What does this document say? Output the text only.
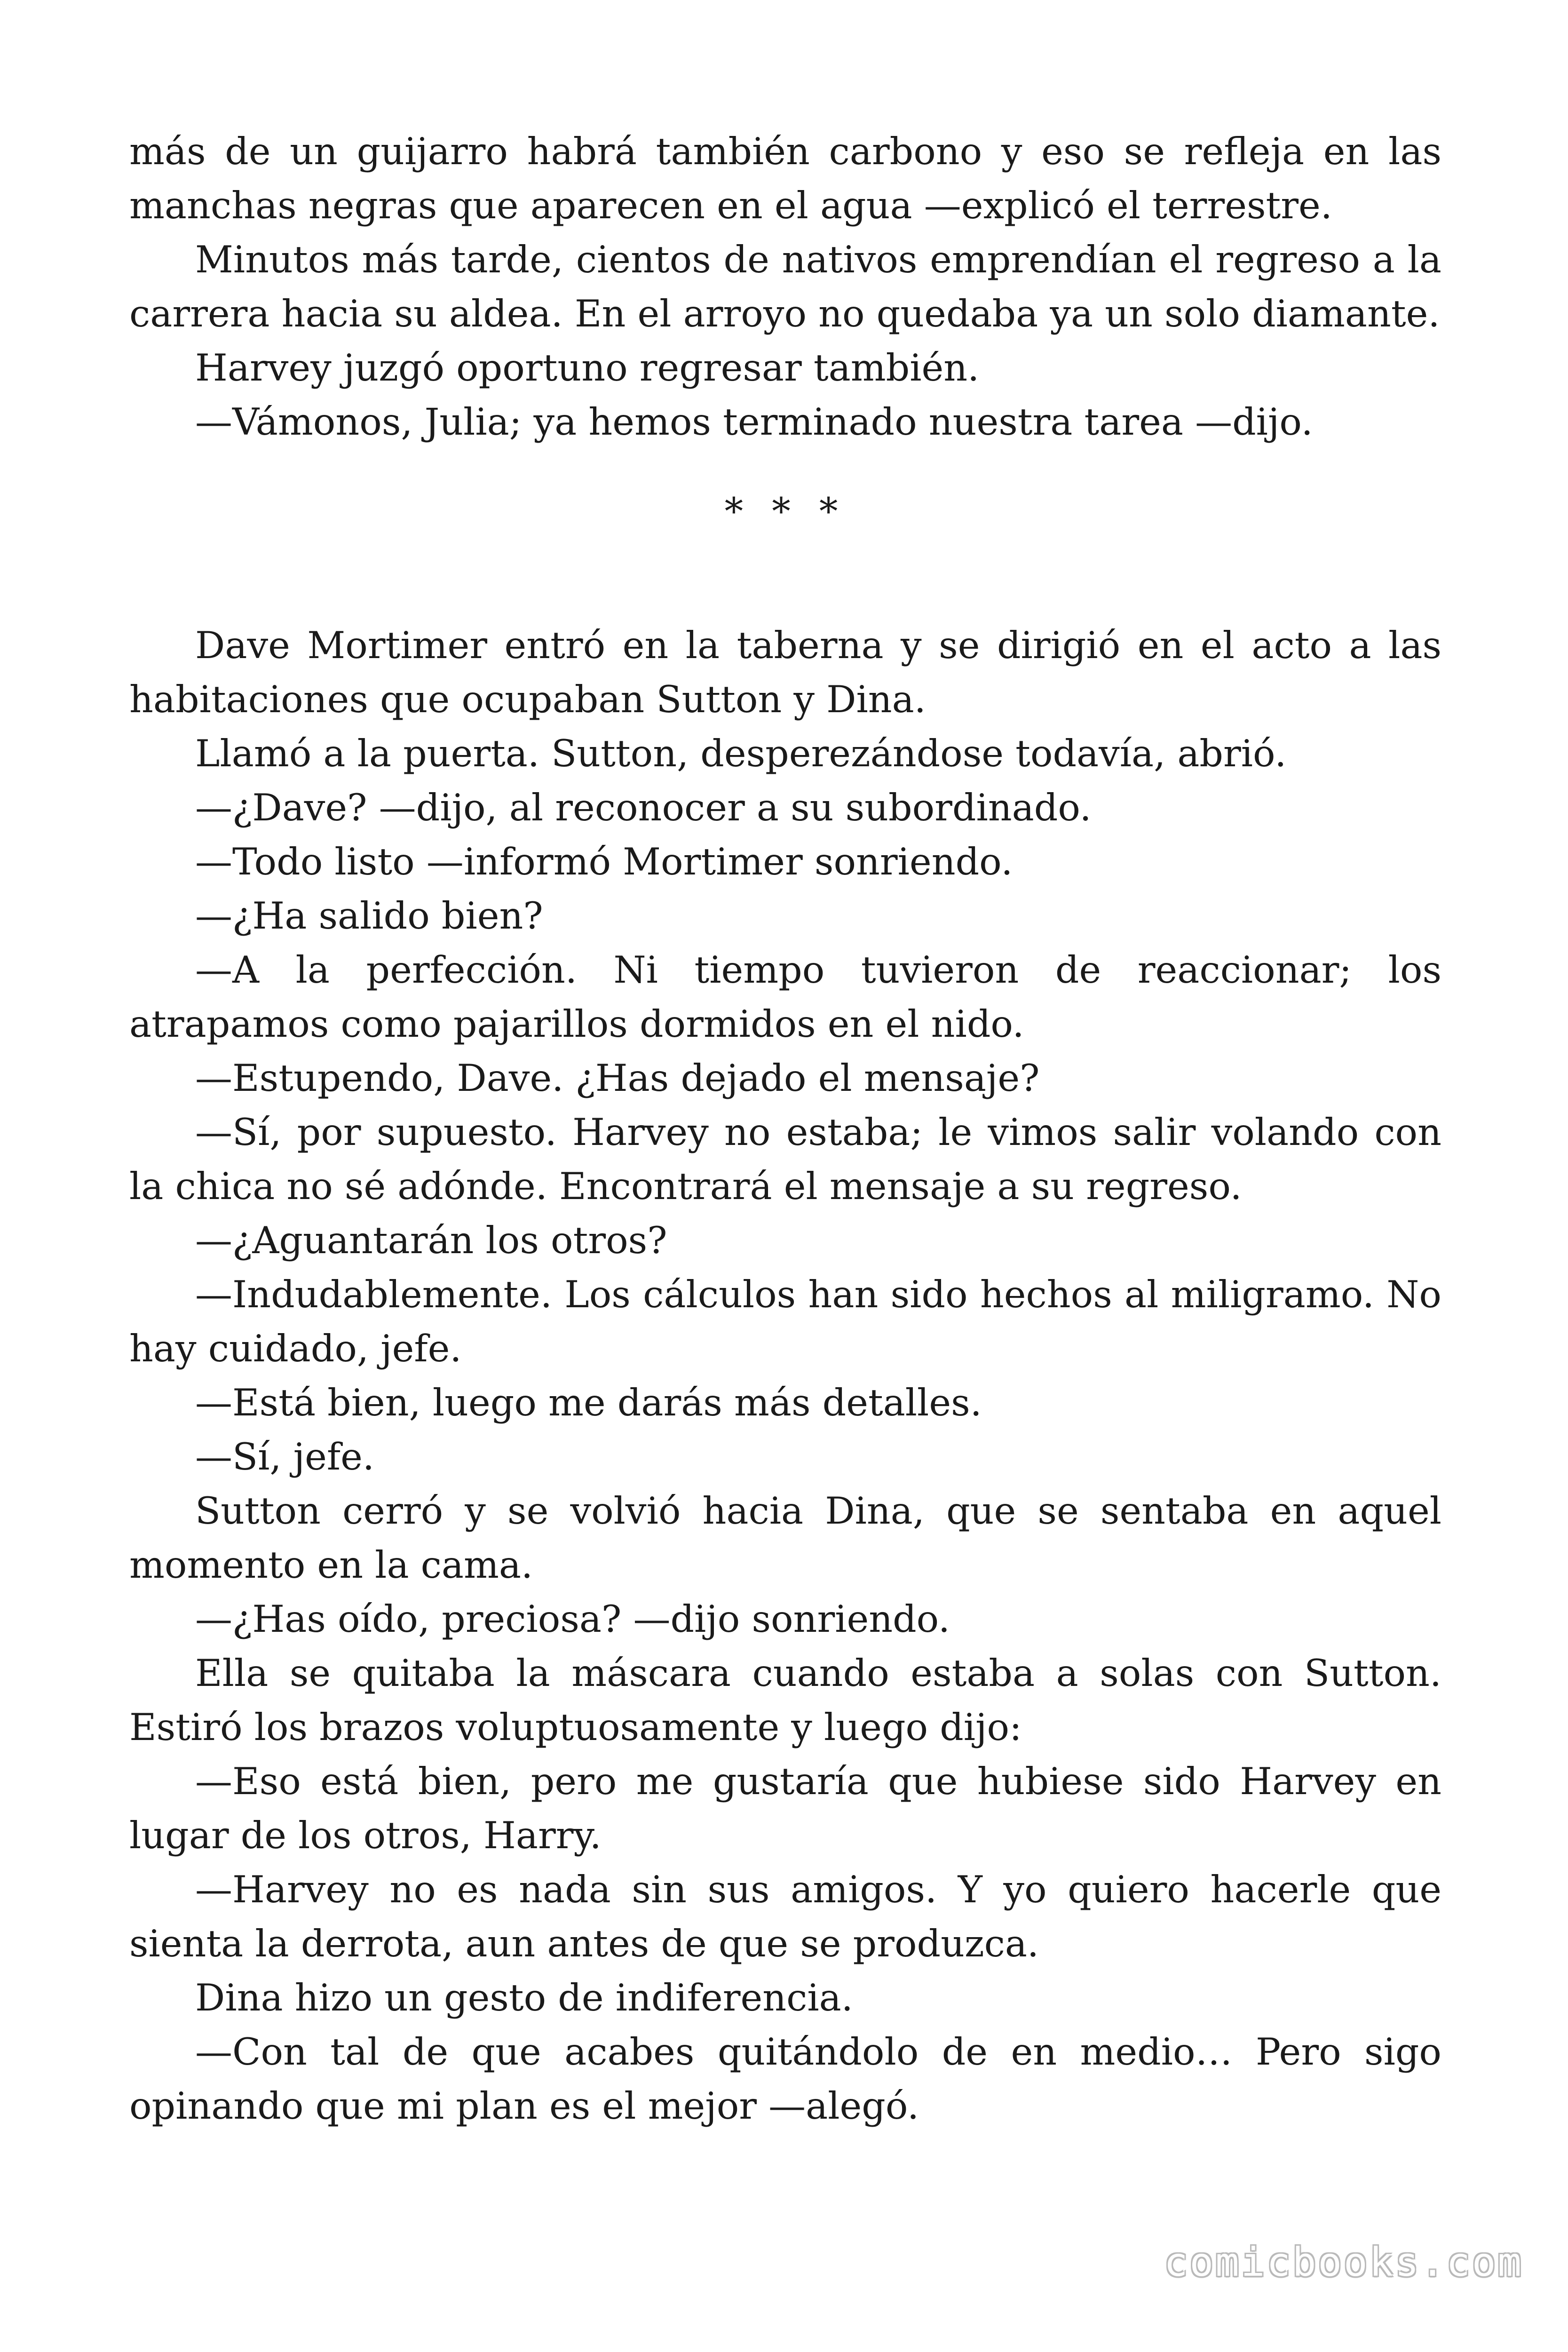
más de un guijarro habrá también carbono y eso se refleja en las manchas negras que aparecen en el agua —explicó el terrestre.

Minutos más tarde, cientos de nativos emprendían el regreso a la carrera hacia su aldea. En el arroyo no quedaba ya un solo diamante.

Harvey juzgó oportuno regresar también.

—Vámonos, Julia; ya hemos terminado nuestra tarea —dijo.

* * *

Dave Mortimer entró en la taberna y se dirigió en el acto a las habitaciones que ocupaban Sutton y Dina.

Llamó a la puerta. Sutton, desperezándose todavía, abrió.

—¿Dave? —dijo, al reconocer a su subordinado.

—Todo listo —informó Mortimer sonriendo.

—¿Ha salido bien?

—A la perfección. Ni tiempo tuvieron de reaccionar; los atrapamos como pajarillos dormidos en el nido.

—Estupendo, Dave. ¿Has dejado el mensaje?

—Sí, por supuesto. Harvey no estaba; le vimos salir volando con la chica no sé adónde. Encontrará el mensaje a su regreso.

—¿Aguantarán los otros?

—Indudablemente. Los cálculos han sido hechos al miligramo. No hay cuidado, jefe.

—Está bien, luego me darás más detalles.

—Sí, jefe.

Sutton cerró y se volvió hacia Dina, que se sentaba en aquel momento en la cama.

—¿Has oído, preciosa? —dijo sonriendo.

Ella se quitaba la máscara cuando estaba a solas con Sutton. Estiró los brazos voluptuosamente y luego dijo:

—Eso está bien, pero me gustaría que hubiese sido Harvey en lugar de los otros, Harry.

—Harvey no es nada sin sus amigos. Y yo quiero hacerle que sienta la derrota, aun antes de que se produzca.

Dina hizo un gesto de indiferencia.

—Con tal de que acabes quitándolo de en medio… Pero sigo opinando que mi plan es el mejor —alegó.

comicbooks.com
